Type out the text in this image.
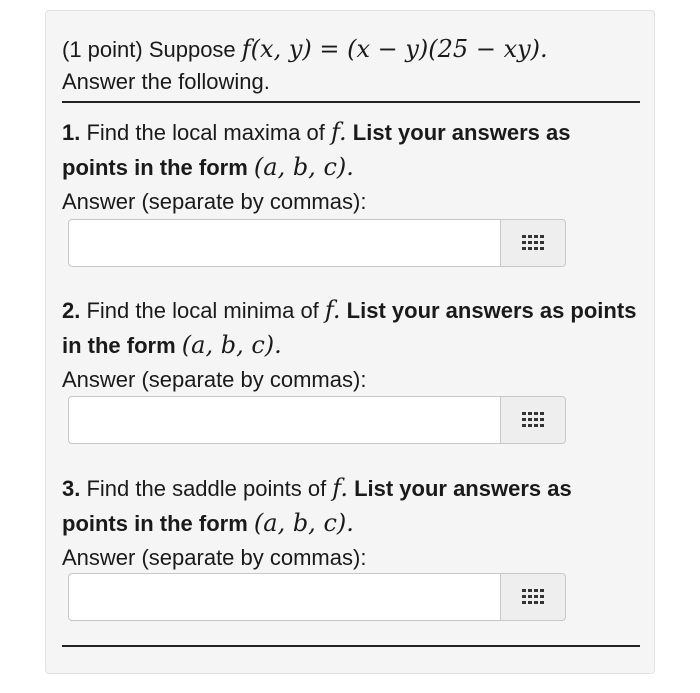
(1 point) Suppose f(x, y) = (x − y)(25 − xy).
Answer the following.
1. Find the local maxima of f. List your answers as points in the form (a, b, c).
Answer (separate by commas):
2. Find the local minima of f. List your answers as points in the form (a, b, c).
Answer (separate by commas):
3. Find the saddle points of f. List your answers as points in the form (a, b, c).
Answer (separate by commas):
